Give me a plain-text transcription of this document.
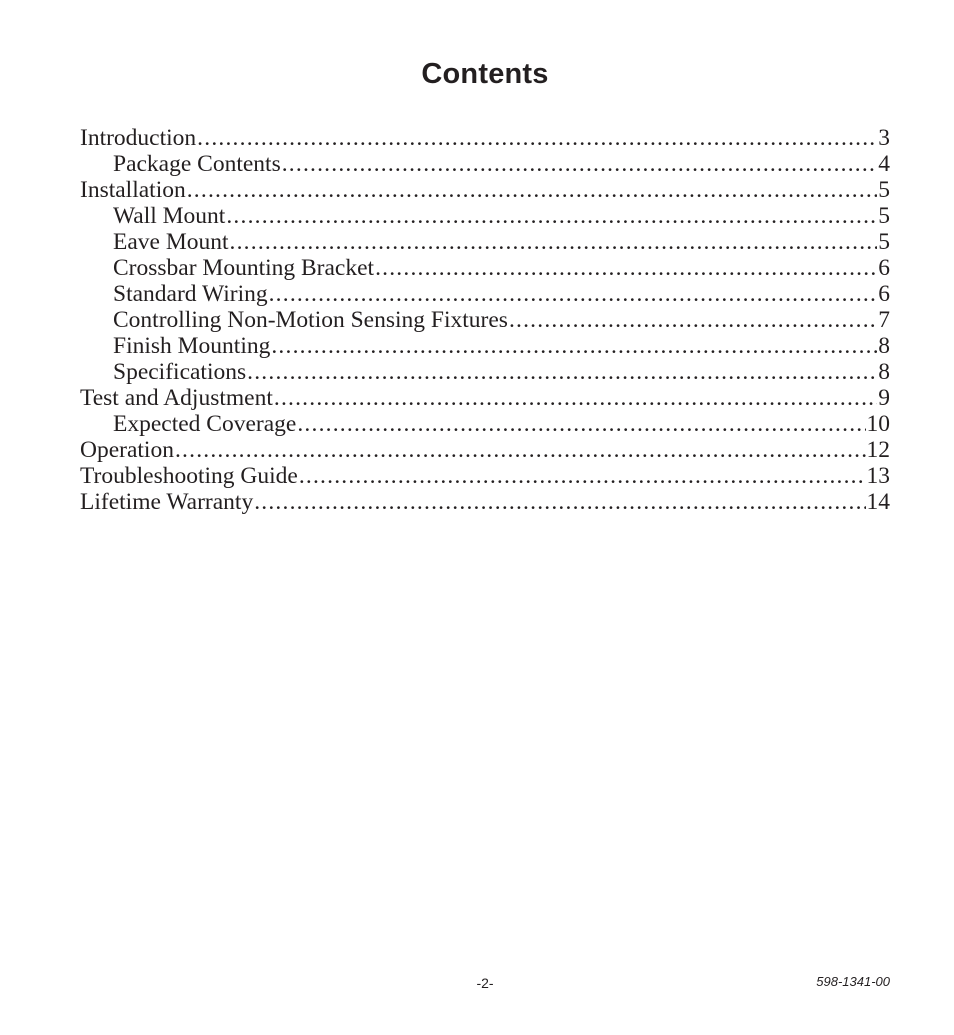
Contents
Introduction .....	3
Package Contents .....	4
Installation .....	5
Wall Mount .....	5
Eave Mount .....	5
Crossbar Mounting Bracket .....	6
Standard Wiring .....	6
Controlling Non-Motion Sensing Fixtures .....	7
Finish Mounting .....	8
Specifications .....	8
Test and Adjustment .....	9
Expected Coverage .....	10
Operation .....	12
Troubleshooting Guide .....	13
Lifetime Warranty .....	14
-2-	598-1341-00
